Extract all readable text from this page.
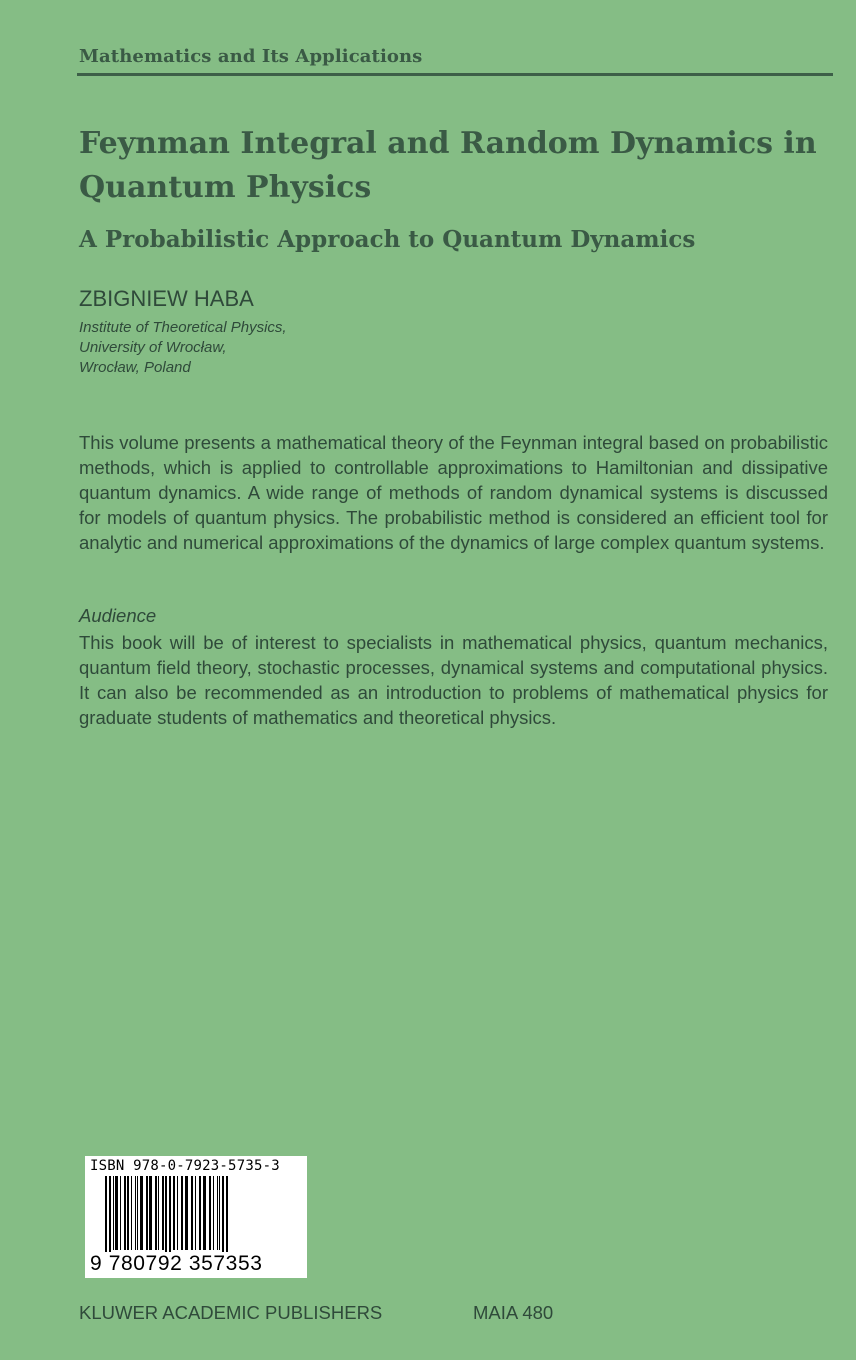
Mathematics and Its Applications
Feynman Integral and Random Dynamics in Quantum Physics
A Probabilistic Approach to Quantum Dynamics
ZBIGNIEW HABA
Institute of Theoretical Physics,
University of Wrocław,
Wrocław, Poland

This volume presents a mathematical theory of the Feynman integral based on probabilistic methods, which is applied to controllable approximations to Hamiltonian and dissipative quantum dynamics. A wide range of methods of random dynamical systems is discussed for models of quantum physics. The probabilistic method is considered an efficient tool for analytic and numerical approximations of the dynamics of large complex quantum systems.

Audience

This book will be of interest to specialists in mathematical physics, quantum mechanics, quantum field theory, stochastic processes, dynamical systems and computational physics. It can also be recommended as an introduction to problems of mathematical physics for graduate students of mathematics and theoretical physics.

ISBN 978-0-7923-5735-3
9 780792 357353
KLUWER ACADEMIC PUBLISHERS	MAIA 480
